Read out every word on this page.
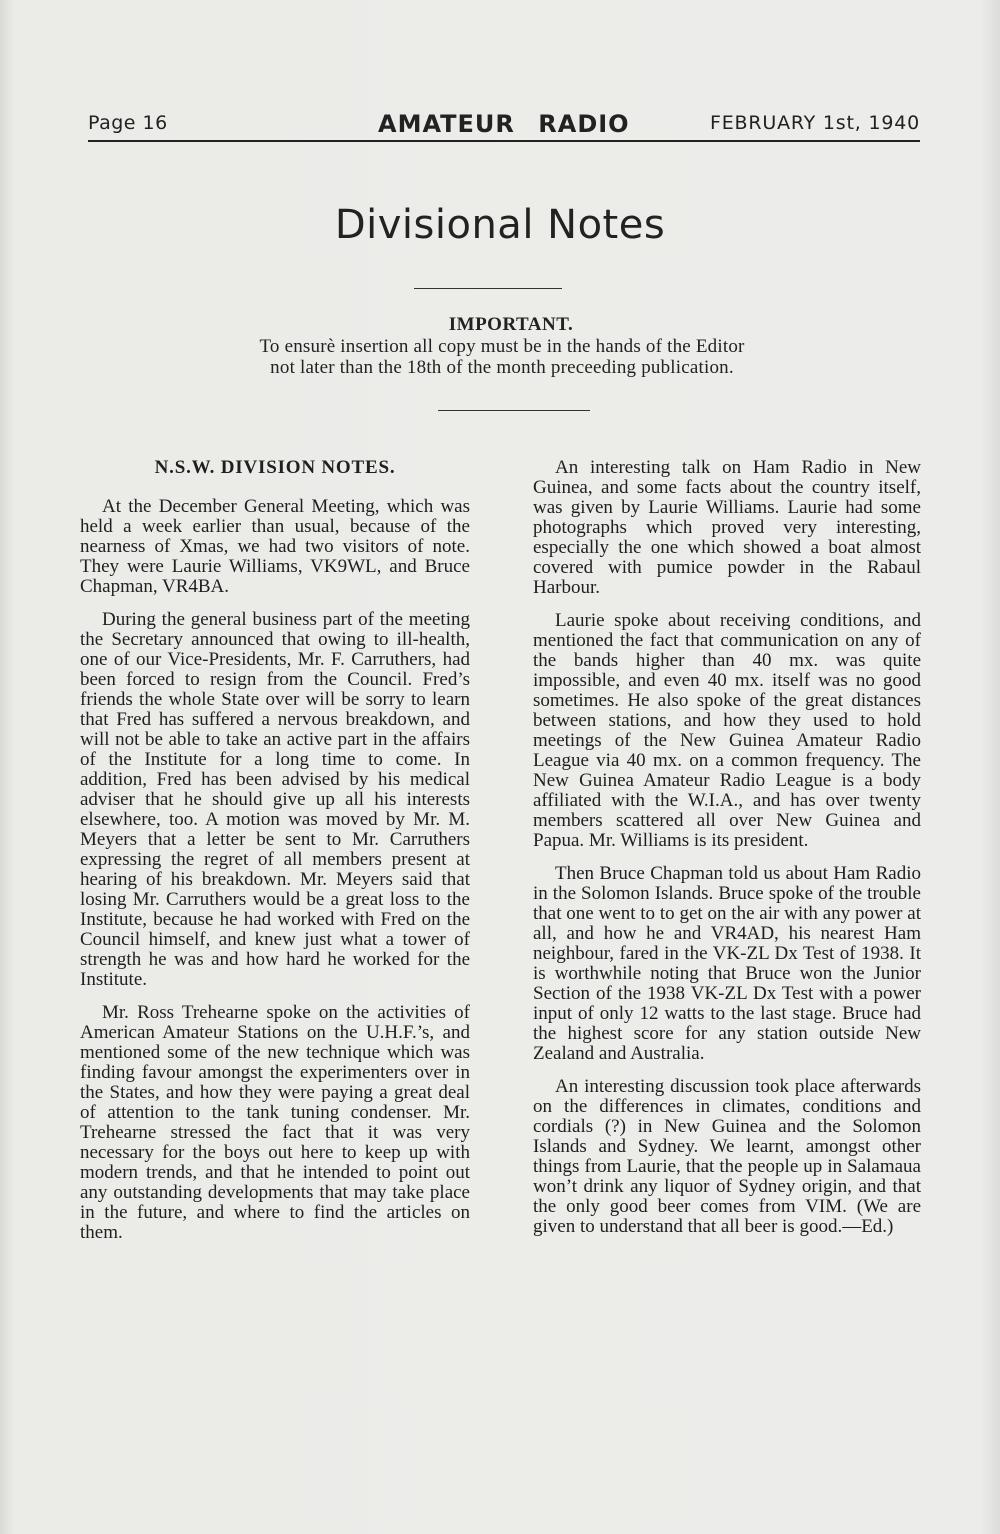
Page 16	AMATEUR RADIO	FEBRUARY 1st, 1940
Divisional Notes
IMPORTANT.
To ensurè insertion all copy must be in the hands of the Editor
not later than the 18th of the month preceeding publication.
N.S.W. DIVISION NOTES.

At the December General Meeting, which was held a week earlier than usual, because of the nearness of Xmas, we had two visitors of note. They were Laurie Williams, VK9WL, and Bruce Chapman, VR4BA.

During the general business part of the meeting the Secretary announced that owing to ill-health, one of our Vice-Presidents, Mr. F. Carruthers, had been forced to resign from the Council. Fred’s friends the whole State over will be sorry to learn that Fred has suffered a nervous breakdown, and will not be able to take an active part in the affairs of the Institute for a long time to come. In addition, Fred has been advised by his medical adviser that he should give up all his interests elsewhere, too. A motion was moved by Mr. M. Meyers that a letter be sent to Mr. Carruthers expressing the regret of all members present at hearing of his breakdown. Mr. Meyers said that losing Mr. Carruthers would be a great loss to the Institute, because he had worked with Fred on the Council himself, and knew just what a tower of strength he was and how hard he worked for the Institute.

Mr. Ross Trehearne spoke on the activities of American Amateur Stations on the U.H.F.’s, and mentioned some of the new technique which was finding favour amongst the experimenters over in the States, and how they were paying a great deal of attention to the tank tuning condenser. Mr. Trehearne stressed the fact that it was very necessary for the boys out here to keep up with modern trends, and that he intended to point out any outstanding developments that may take place in the future, and where to find the articles on them.

An interesting talk on Ham Radio in New Guinea, and some facts about the country itself, was given by Laurie Williams. Laurie had some photographs which proved very interesting, especially the one which showed a boat almost covered with pumice powder in the Rabaul Harbour.

Laurie spoke about receiving conditions, and mentioned the fact that communication on any of the bands higher than 40 mx. was quite impossible, and even 40 mx. itself was no good sometimes. He also spoke of the great distances between stations, and how they used to hold meetings of the New Guinea Amateur Radio League via 40 mx. on a common frequency. The New Guinea Amateur Radio League is a body affiliated with the W.I.A., and has over twenty members scattered all over New Guinea and Papua. Mr. Williams is its president.

Then Bruce Chapman told us about Ham Radio in the Solomon Islands. Bruce spoke of the trouble that one went to to get on the air with any power at all, and how he and VR4AD, his nearest Ham neighbour, fared in the VK-ZL Dx Test of 1938. It is worthwhile noting that Bruce won the Junior Section of the 1938 VK-ZL Dx Test with a power input of only 12 watts to the last stage. Bruce had the highest score for any station outside New Zealand and Australia.

An interesting discussion took place afterwards on the differences in climates, conditions and cordials (?) in New Guinea and the Solomon Islands and Sydney. We learnt, amongst other things from Laurie, that the people up in Salamaua won’t drink any liquor of Sydney origin, and that the only good beer comes from VIM. (We are given to understand that all beer is good.—Ed.)
